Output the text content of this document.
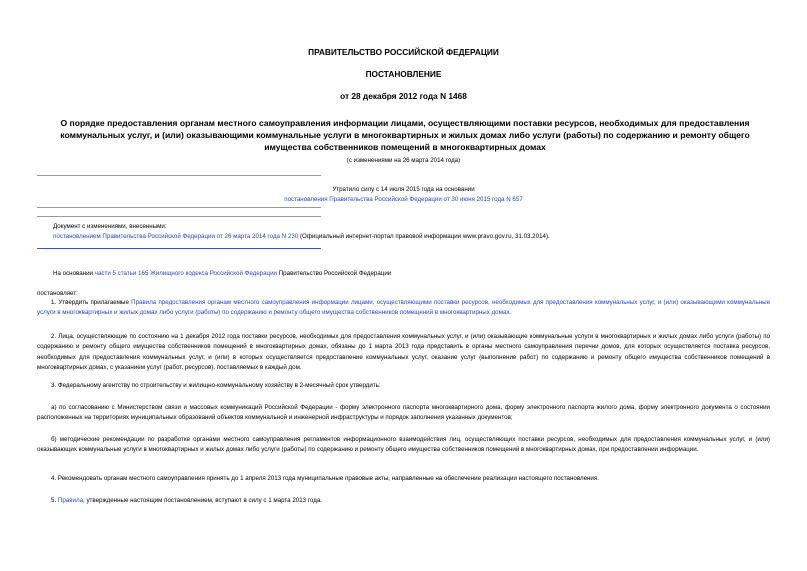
ПРАВИТЕЛЬСТВО РОССИЙСКОЙ ФЕДЕРАЦИИ
ПОСТАНОВЛЕНИЕ
от 28 декабря 2012 года N 1468
О порядке предоставления органам местного самоуправления информации лицами, осуществляющими поставки ресурсов, необходимых для предоставления коммунальных услуг, и (или) оказывающими коммунальные услуги в многоквартирных и жилых домах либо услуги (работы) по содержанию и ремонту общего имущества собственников помещений в многоквартирных домах
(с изменениями на 26 марта 2014 года)
Утратило силу с 14 июля 2015 года на основании
постановления Правительства Российской Федерации от 30 июня 2015 года N 657
Документ с изменениями, внесенными:
постановлением Правительства Российской Федерации от 26 марта 2014 года N 230 (Официальный интернет-портал правовой информации www.pravo.gov.ru, 31.03.2014).
На основании части 5 статьи 165 Жилищного кодекса Российской Федерации Правительство Российской Федерации
постановляет:
1. Утвердить прилагаемые Правила предоставления органам местного самоуправления информации лицами, осуществляющими поставки ресурсов, необходимых для предоставления коммунальных услуг, и (или) оказывающими коммунальные услуги в многоквартирных и жилых домах либо услуги (работы) по содержанию и ремонту общего имущества собственников помещений в многоквартирных домах.
2. Лица, осуществляющие по состоянию на 1 декабря 2012 года поставки ресурсов, необходимых для предоставления коммунальных услуг, и (или) оказывающие коммунальные услуги в многоквартирных и жилых домах либо услуги (работы) по содержанию и ремонту общего имущества собственников помещений в многоквартирных домах, обязаны до 1 марта 2013 года представить в органы местного самоуправления перечни домов, для которых осуществляется поставка ресурсов, необходимых для предоставления коммунальных услуг, и (или) в которых осуществляется предоставление коммунальных услуг, оказание услуг (выполнение работ) по содержанию и ремонту общего имущества собственников помещений в многоквартирных домах, с указанием услуг (работ, ресурсов), поставляемых в каждый дом.
3. Федеральному агентству по строительству и жилищно-коммунальному хозяйству в 2-месячный срок утвердить:
а) по согласованию с Министерством связи и массовых коммуникаций Российской Федерации - форму электронного паспорта многоквартирного дома, форму электронного паспорта жилого дома, форму электронного документа о состоянии расположенных на территориях муниципальных образований объектов коммунальной и инженерной инфраструктуры и порядок заполнения указанных документов;
б) методические рекомендации по разработке органами местного самоуправления регламентов информационного взаимодействия лиц, осуществляющих поставки ресурсов, необходимых для предоставления коммунальных услуг, и (или) оказывающих коммунальные услуги в многоквартирных и жилых домах либо услуги (работы) по содержанию и ремонту общего имущества собственников помещений в многоквартирных домах, при предоставлении информации.
4. Рекомендовать органам местного самоуправления принять до 1 апреля 2013 года муниципальные правовые акты, направленные на обеспечение реализации настоящего постановления.
5. Правила, утвержденные настоящим постановлением, вступают в силу с 1 марта 2013 года.
